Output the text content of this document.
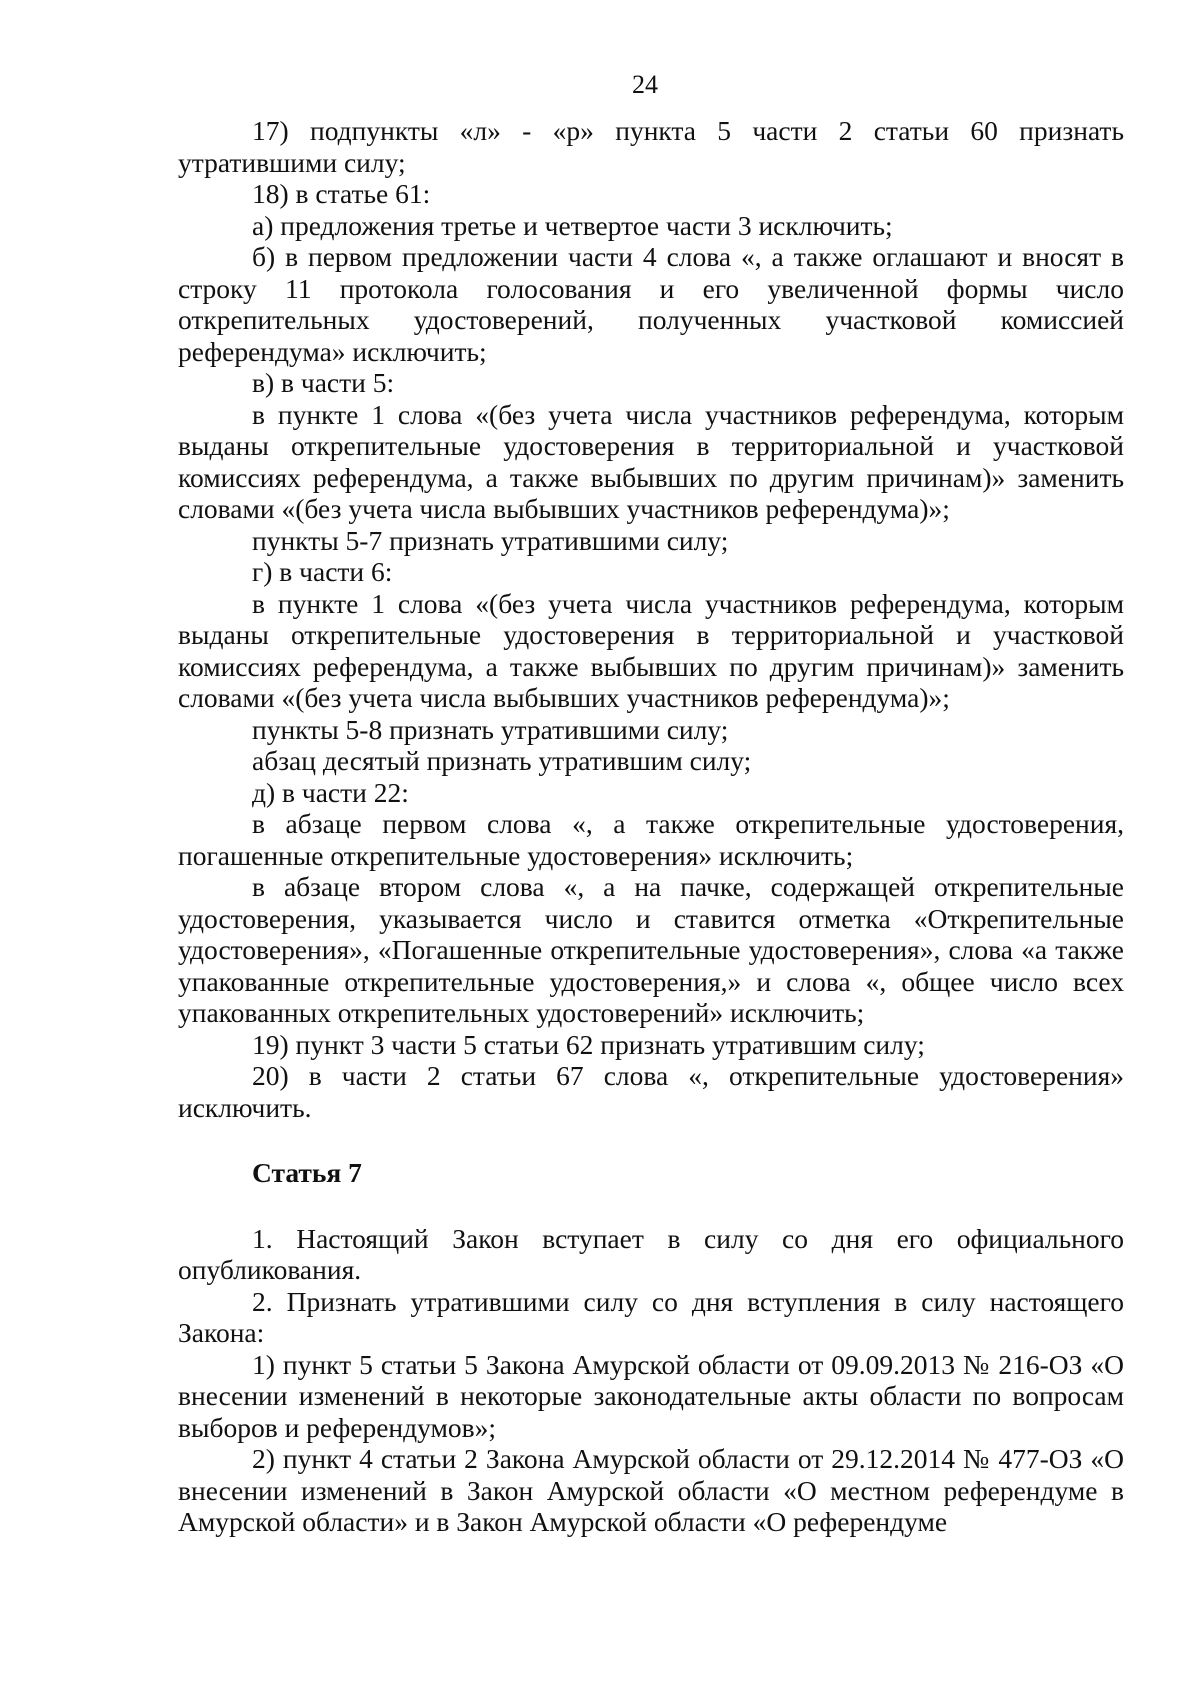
24

17) подпункты «л» - «р» пункта 5 части 2 статьи 60 признать утратившими силу;

18) в статье 61:

а) предложения третье и четвертое части 3 исключить;

б) в первом предложении части 4 слова «, а также оглашают и вносят в строку 11 протокола голосования и его увеличенной формы число открепительных удостоверений, полученных участковой комиссией референдума» исключить;

в) в части 5:

в пункте 1 слова «(без учета числа участников референдума, которым выданы открепительные удостоверения в территориальной и участковой комиссиях референдума, а также выбывших по другим причинам)» заменить словами «(без учета числа выбывших участников референдума)»;

пункты 5-7 признать утратившими силу;

г) в части 6:

в пункте 1 слова «(без учета числа участников референдума, которым выданы открепительные удостоверения в территориальной и участковой комиссиях референдума, а также выбывших по другим причинам)» заменить словами «(без учета числа выбывших участников референдума)»;

пункты 5-8 признать утратившими силу;

абзац десятый признать утратившим силу;

д) в части 22:

в абзаце первом слова «, а также открепительные удостоверения, погашенные открепительные удостоверения» исключить;

в абзаце втором слова «, а на пачке, содержащей открепительные удостоверения, указывается число и ставится отметка «Открепительные удостоверения», «Погашенные открепительные удостоверения», слова «а также упакованные открепительные удостоверения,» и слова «, общее число всех упакованных открепительных удостоверений» исключить;

19) пункт 3 части 5 статьи 62 признать утратившим силу;

20) в части 2 статьи 67 слова «, открепительные удостоверения» исключить.

Статья 7

1. Настоящий Закон вступает в силу со дня его официального опубликования.

2. Признать утратившими силу со дня вступления в силу настоящего Закона:

1) пункт 5 статьи 5 Закона Амурской области от 09.09.2013 № 216-ОЗ «О внесении изменений в некоторые законодательные акты области по вопросам выборов и референдумов»;

2) пункт 4 статьи 2 Закона Амурской области от 29.12.2014 № 477-ОЗ «О внесении изменений в Закон Амурской области «О местном референдуме в Амурской области» и в Закон Амурской области «О референдуме
